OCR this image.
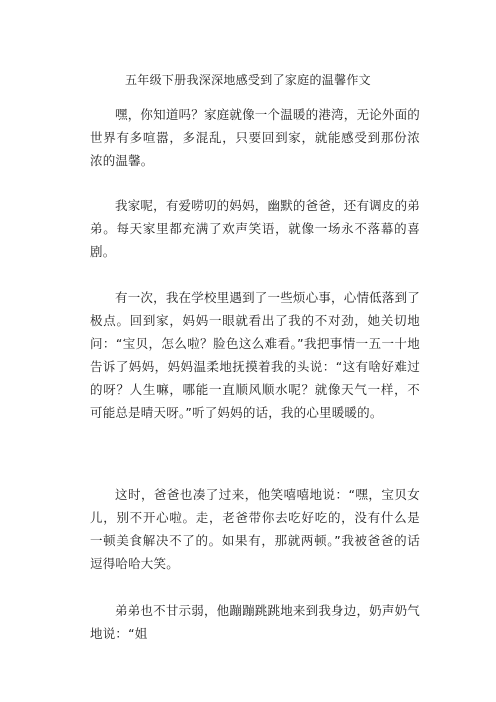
五年级下册我深深地感受到了家庭的温馨作文

嘿，你知道吗？家庭就像一个温暖的港湾，无论外面的世界有多喧嚣，多混乱，只要回到家，就能感受到那份浓浓的温馨。

我家呢，有爱唠叨的妈妈，幽默的爸爸，还有调皮的弟弟。每天家里都充满了欢声笑语，就像一场永不落幕的喜剧。

有一次，我在学校里遇到了一些烦心事，心情低落到了极点。回到家，妈妈一眼就看出了我的不对劲，她关切地问：“宝贝，怎么啦？脸色这么难看。”我把事情一五一十地告诉了妈妈，妈妈温柔地抚摸着我的头说：“这有啥好难过的呀？人生嘛，哪能一直顺风顺水呢？就像天气一样，不可能总是晴天呀。”听了妈妈的话，我的心里暖暖的。

这时，爸爸也凑了过来，他笑嘻嘻地说：“嘿，宝贝女儿，别不开心啦。走，老爸带你去吃好吃的，没有什么是一顿美食解决不了的。如果有，那就两顿。”我被爸爸的话逗得哈哈大笑。

弟弟也不甘示弱，他蹦蹦跳跳地来到我身边，奶声奶气地说：“姐
